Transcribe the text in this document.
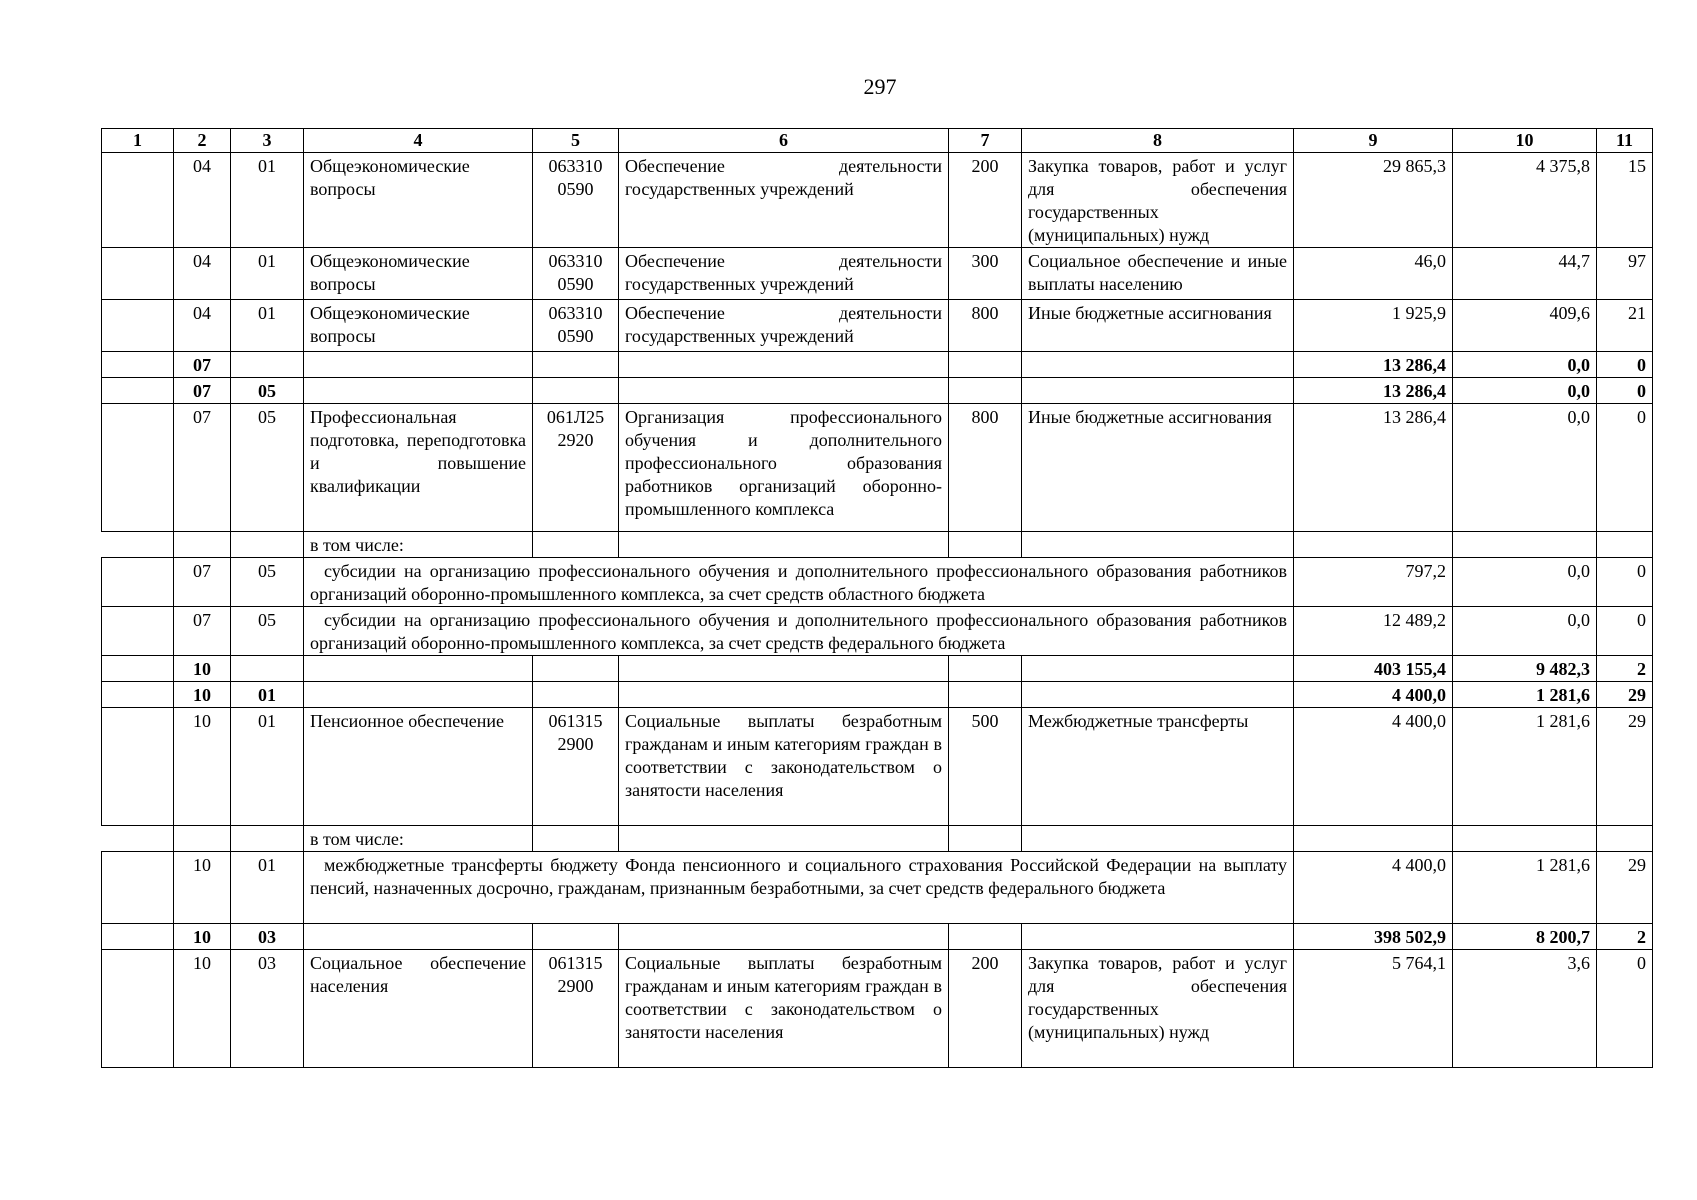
297
1	2	3	4	5	6	7	8	9	10	11
	04	01	Общеэкономические вопросы	063310 0590	Обеспечение деятельности государственных учреждений	200	Закупка товаров, работ и услуг для обеспечения государственных (муниципальных) нужд	29 865,3	4 375,8	15
	04	01	Общеэкономические вопросы	063310 0590	Обеспечение деятельности государственных учреждений	300	Социальное обеспечение и иные выплаты населению	46,0	44,7	97
	04	01	Общеэкономические вопросы	063310 0590	Обеспечение деятельности государственных учреждений	800	Иные бюджетные ассигнования	1 925,9	409,6	21
	07							13 286,4	0,0	0
	07	05						13 286,4	0,0	0
	07	05	Профессиональная подготовка, переподготовка и повышение квалификации	061Л25 2920	Организация профессионального обучения и дополнительного профессионального образования работников организаций оборонно-промышленного комплекса	800	Иные бюджетные ассигнования	13 286,4	0,0	0
			в том числе:							
	07	05	субсидии на организацию профессионального обучения и дополнительного профессионального образования работников организаций оборонно-промышленного комплекса, за счет средств областного бюджета					797,2	0,0	0
	07	05	субсидии на организацию профессионального обучения и дополнительного профессионального образования работников организаций оборонно-промышленного комплекса, за счет средств федерального бюджета					12 489,2	0,0	0
	10							403 155,4	9 482,3	2
	10	01						4 400,0	1 281,6	29
	10	01	Пенсионное обеспечение	061315 2900	Социальные выплаты безработным гражданам и иным категориям граждан в соответствии с законодательством о занятости населения	500	Межбюджетные трансферты	4 400,0	1 281,6	29
			в том числе:							
	10	01	межбюджетные трансферты бюджету Фонда пенсионного и социального страхования Российской Федерации на выплату пенсий, назначенных досрочно, гражданам, признанным безработными, за счет средств федерального бюджета					4 400,0	1 281,6	29
	10	03						398 502,9	8 200,7	2
	10	03	Социальное обеспечение населения	061315 2900	Социальные выплаты безработным гражданам и иным категориям граждан в соответствии с законодательством о занятости населения	200	Закупка товаров, работ и услуг для обеспечения государственных (муниципальных) нужд	5 764,1	3,6	0
